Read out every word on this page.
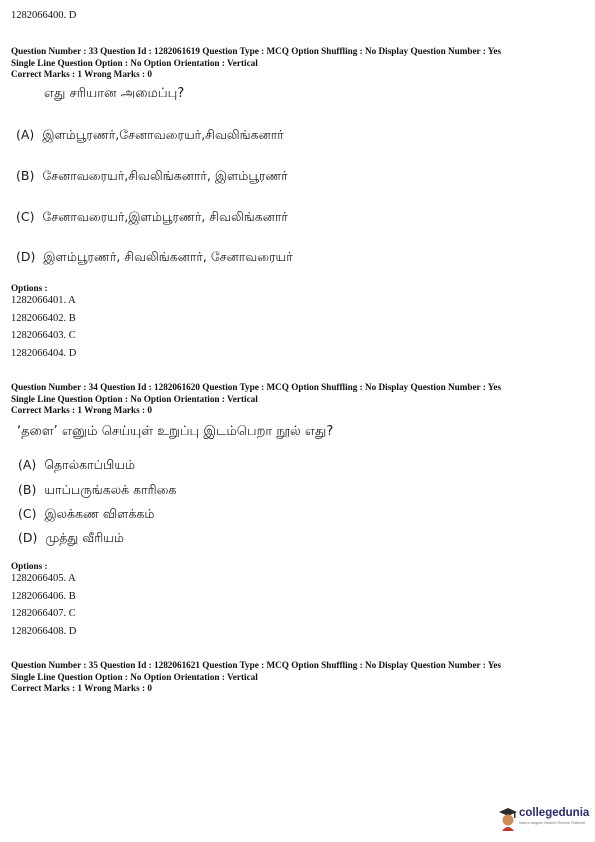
1282066400. D
Question Number : 33 Question Id : 1282061619 Question Type : MCQ Option Shuffling : No Display Question Number : Yes
Single Line Question Option : No Option Orientation : Vertical
Correct Marks : 1 Wrong Marks : 0
எது சரியான அமைப்பு?
(A) இளம்பூரணர்,சேனாவரையர்,சிவலிங்கனார்
(B) சேனாவரையர்,சிவலிங்கனார், இளம்பூரணர்
(C) சேனாவரையர்,இளம்பூரணர், சிவலிங்கனார்
(D) இளம்பூரணர், சிவலிங்கனார், சேனாவரையர்
Options :
1282066401. A
1282066402. B
1282066403. C
1282066404. D
Question Number : 34 Question Id : 1282061620 Question Type : MCQ Option Shuffling : No Display Question Number : Yes
Single Line Question Option : No Option Orientation : Vertical
Correct Marks : 1 Wrong Marks : 0
‘தளை’ எனும் செய்யுள் உறுப்பு இடம்பெறா நூல் எது?
(A) தொல்காப்பியம்
(B) யாப்பருங்கலக் காரிகை
(C) இலக்கண விளக்கம்
(D) முத்து வீரியம்
Options :
1282066405. A
1282066406. B
1282066407. C
1282066408. D
Question Number : 35 Question Id : 1282061621 Question Type : MCQ Option Shuffling : No Display Question Number : Yes
Single Line Question Option : No Option Orientation : Vertical
Correct Marks : 1 Wrong Marks : 0
collegedunia
India's largest Student Review Platform
